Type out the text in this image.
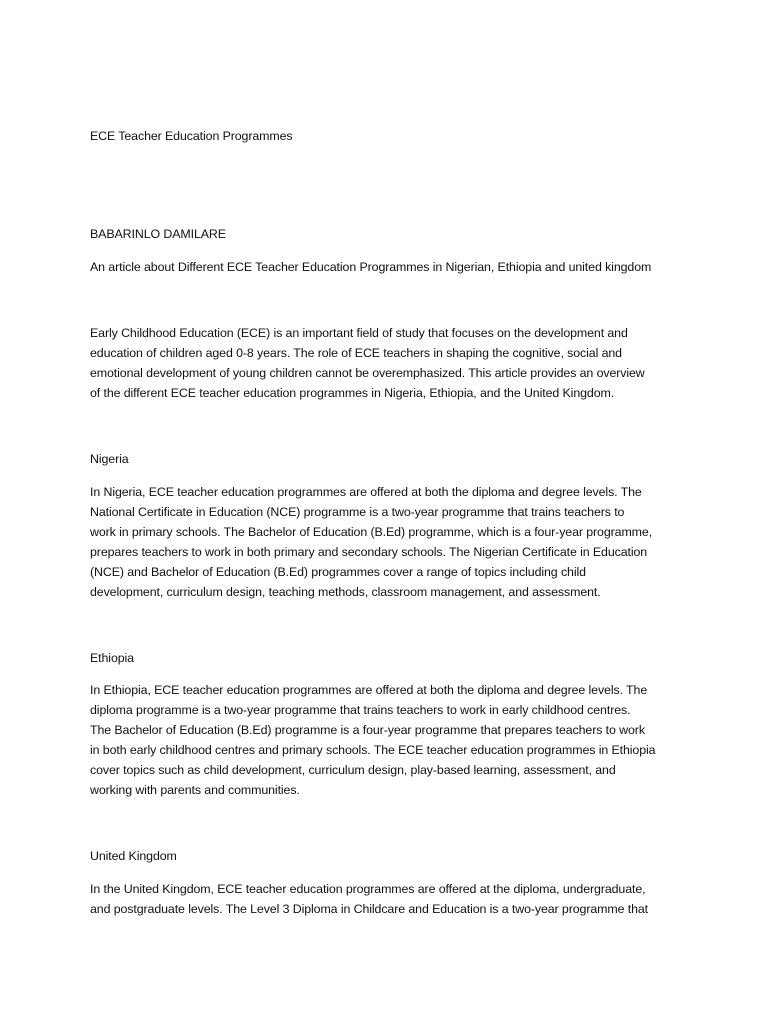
ECE Teacher Education Programmes
BABARINLO DAMILARE
An article about Different ECE Teacher Education Programmes in Nigerian, Ethiopia and united kingdom

Early Childhood Education (ECE) is an important field of study that focuses on the development and

education of children aged 0-8 years. The role of ECE teachers in shaping the cognitive, social and

emotional development of young children cannot be overemphasized. This article provides an overview

of the different ECE teacher education programmes in Nigeria, Ethiopia, and the United Kingdom.

Nigeria

In Nigeria, ECE teacher education programmes are offered at both the diploma and degree levels. The

National Certificate in Education (NCE) programme is a two-year programme that trains teachers to

work in primary schools. The Bachelor of Education (B.Ed) programme, which is a four-year programme,

prepares teachers to work in both primary and secondary schools. The Nigerian Certificate in Education

(NCE) and Bachelor of Education (B.Ed) programmes cover a range of topics including child

development, curriculum design, teaching methods, classroom management, and assessment.

Ethiopia

In Ethiopia, ECE teacher education programmes are offered at both the diploma and degree levels. The

diploma programme is a two-year programme that trains teachers to work in early childhood centres.

The Bachelor of Education (B.Ed) programme is a four-year programme that prepares teachers to work

in both early childhood centres and primary schools. The ECE teacher education programmes in Ethiopia

cover topics such as child development, curriculum design, play-based learning, assessment, and

working with parents and communities.

United Kingdom

In the United Kingdom, ECE teacher education programmes are offered at the diploma, undergraduate,

and postgraduate levels. The Level 3 Diploma in Childcare and Education is a two-year programme that
